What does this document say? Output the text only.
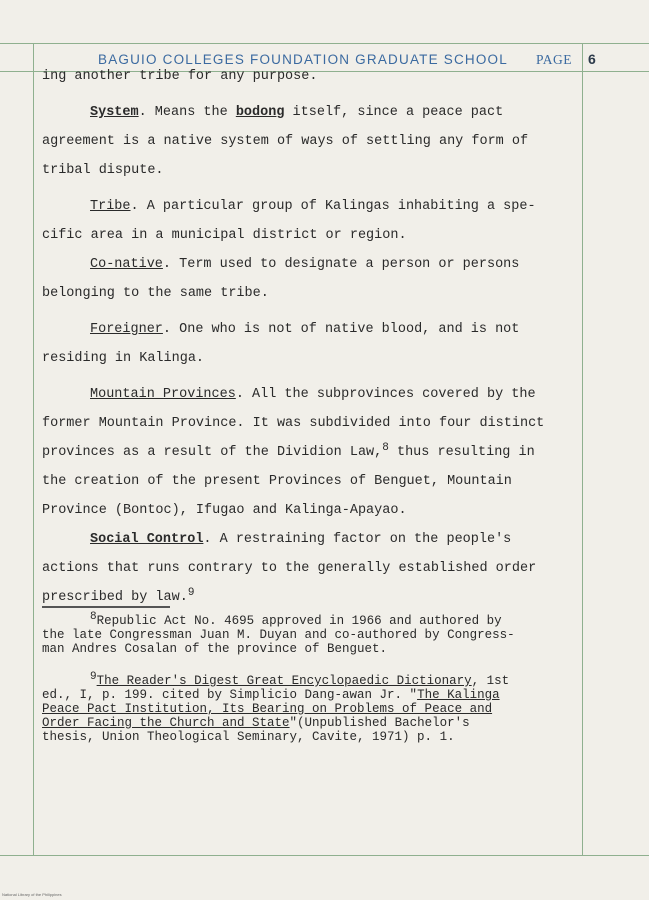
BAGUIO COLLEGES FOUNDATION GRADUATE SCHOOL PAGE 6
ing another tribe for any purpose.
System. Means the bodong itself, since a peace pact
agreement is a native system of ways of settling any form of
tribal dispute.
Tribe. A particular group of Kalingas inhabiting a spe-
cific area in a municipal district or region.
Co-native. Term used to designate a person or persons
belonging to the same tribe.
Foreigner. One who is not of native blood, and is not
residing in Kalinga.
Mountain Provinces. All the subprovinces covered by the
former Mountain Province. It was subdivided into four distinct
provinces as a result of the Dividion Law,$^8$ thus resulting in
the creation of the present Provinces of Benguet, Mountain
Province (Bontoc), Ifugao and Kalinga-Apayao.
Social Control. A restraining factor on the people's
actions that runs contrary to the generally established order
prescribed by law.$^9$
$^8$Republic Act No. 4695 approved in 1966 and authored by
the late Congressman Juan M. Duyan and co-authored by Congress-
man Andres Cosalan of the province of Benguet.
$^9$The Reader's Digest Great Encyclopaedic Dictionary, 1st
ed., I, p. 199. cited by Simplicio Dang-awan Jr. "The Kalinga
Peace Pact Institution, Its Bearing on Problems of Peace and
Order Facing the Church and State"(Unpublished Bachelor's
thesis, Union Theological Seminary, Cavite, 1971) p. 1.
National Library of the Philippines
